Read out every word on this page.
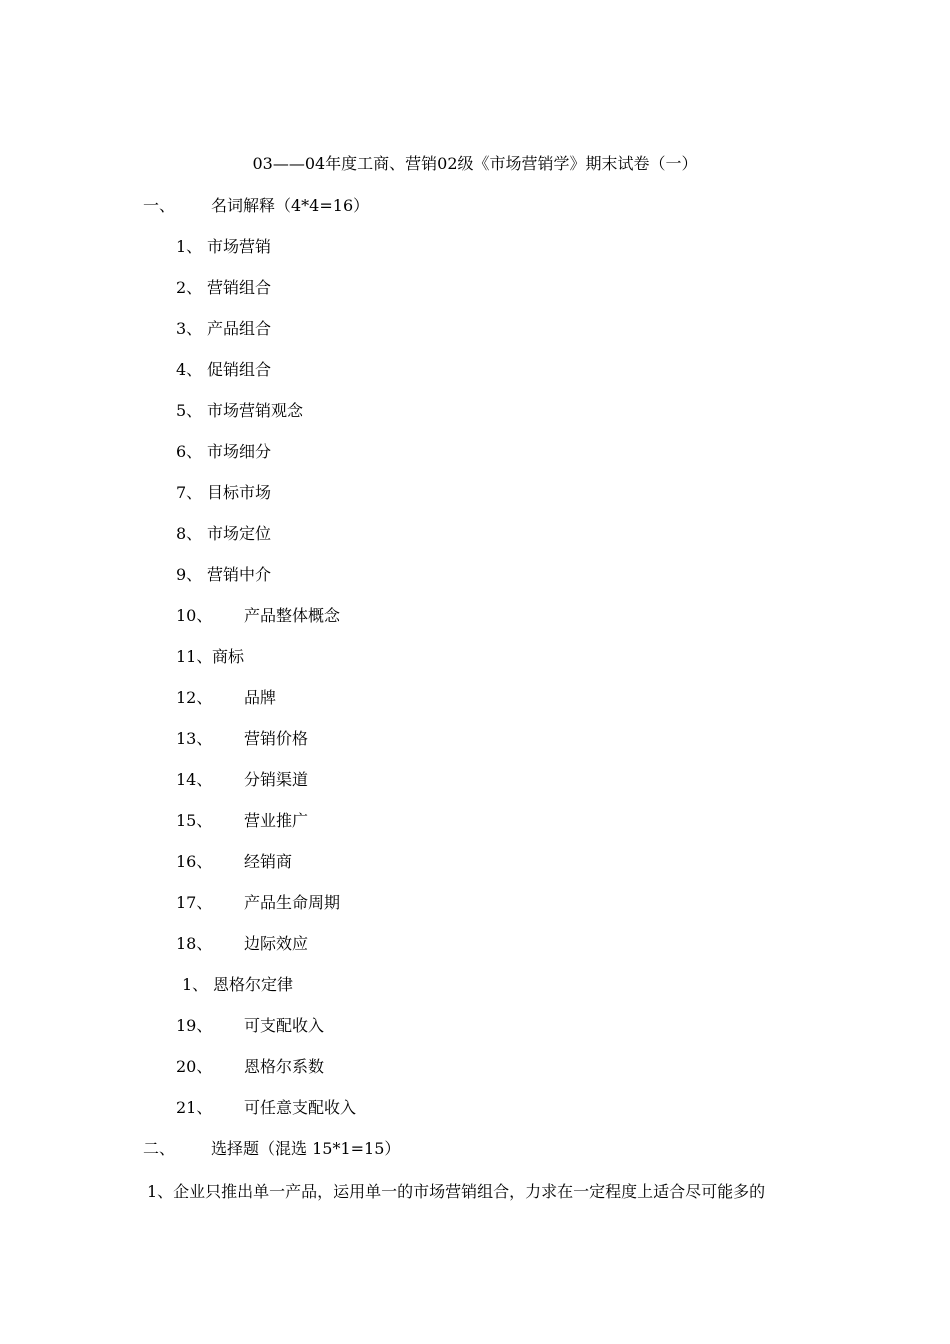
03——04年度工商、营销02级《市场营销学》期末试卷（一）
一、 名词解释（4*4=16）
1、 市场营销
2、 营销组合
3、 产品组合
4、 促销组合
5、 市场营销观念
6、 市场细分
7、 目标市场
8、 市场定位
9、 营销中介
10、 产品整体概念
11、商标
12、 品牌
13、 营销价格
14、 分销渠道
15、 营业推广
16、 经销商
17、 产品生命周期
18、 边际效应
1、 恩格尔定律
19、 可支配收入
20、 恩格尔系数
21、 可任意支配收入
二、 选择题（混选 15*1=15）
1、企业只推出单一产品，运用单一的市场营销组合，力求在一定程度上适合尽可能多的
